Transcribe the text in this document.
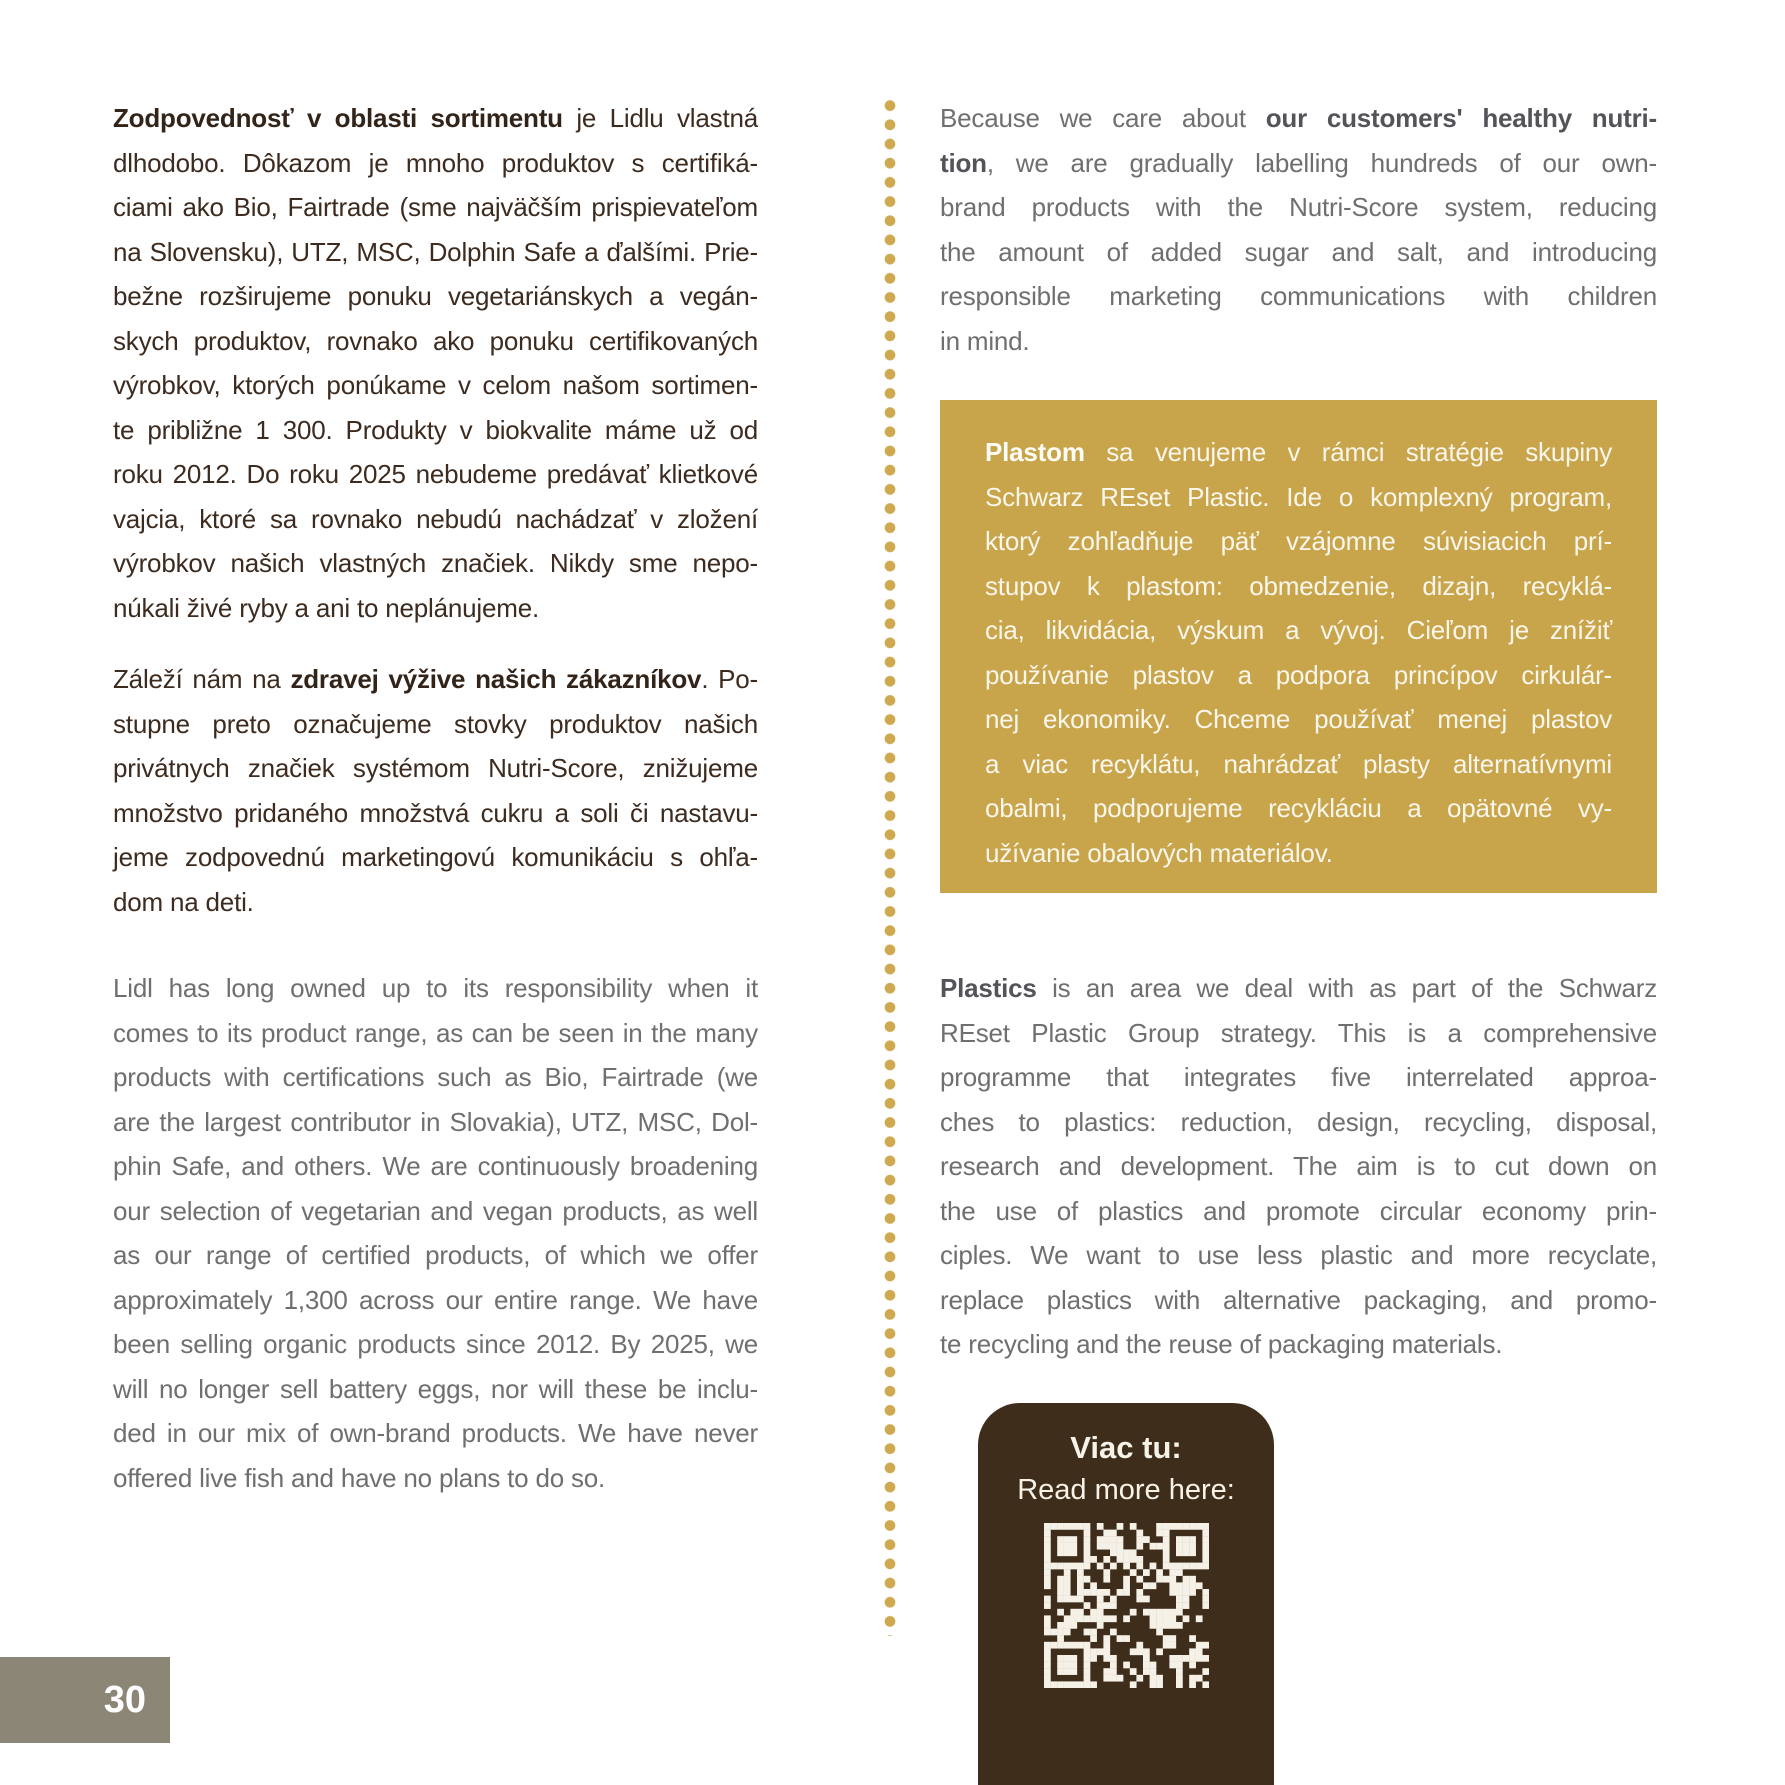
Zodpovednosť v oblasti sortimentu je Lidlu vlastná
dlhodobo. Dôkazom je mnoho produktov s certifiká-
ciami ako Bio, Fairtrade (sme najväčším prispievateľom
na Slovensku), UTZ, MSC, Dolphin Safe a ďalšími. Prie-
bežne rozširujeme ponuku vegetariánskych a vegán-
skych produktov, rovnako ako ponuku certifikovaných
výrobkov, ktorých ponúkame v celom našom sortimen-
te približne 1 300. Produkty v biokvalite máme už od
roku 2012. Do roku 2025 nebudeme predávať klietkové
vajcia, ktoré sa rovnako nebudú nachádzať v zložení
výrobkov našich vlastných značiek. Nikdy sme nepo-
núkali živé ryby a ani to neplánujeme.
Záleží nám na zdravej výžive našich zákazníkov. Po-
stupne preto označujeme stovky produktov našich
privátnych značiek systémom Nutri-Score, znižujeme
množstvo pridaného množstvá cukru a soli či nastavu-
jeme zodpovednú marketingovú komunikáciu s ohľa-
dom na deti.
Lidl has long owned up to its responsibility when it
comes to its product range, as can be seen in the many
products with certifications such as Bio, Fairtrade (we
are the largest contributor in Slovakia), UTZ, MSC, Dol-
phin Safe, and others. We are continuously broadening
our selection of vegetarian and vegan products, as well
as our range of certified products, of which we offer
approximately 1,300 across our entire range. We have
been selling organic products since 2012. By 2025, we
will no longer sell battery eggs, nor will these be inclu-
ded in our mix of own-brand products. We have never
offered live fish and have no plans to do so.
Because we care about our customers' healthy nutri-
tion, we are gradually labelling hundreds of our own-
brand products with the Nutri-Score system, reducing
the amount of added sugar and salt, and introducing
responsible marketing communications with children
in mind.
Plastom sa venujeme v rámci stratégie skupiny
Schwarz REset Plastic. Ide o komplexný program,
ktorý zohľadňuje päť vzájomne súvisiacich prí-
stupov k plastom: obmedzenie, dizajn, recyklá-
cia, likvidácia, výskum a vývoj. Cieľom je znížiť
používanie plastov a podpora princípov cirkulár-
nej ekonomiky. Chceme používať menej plastov
a viac recyklátu, nahrádzať plasty alternatívnymi
obalmi, podporujeme recykláciu a opätovné vy-
užívanie obalových materiálov.
Plastics is an area we deal with as part of the Schwarz
REset Plastic Group strategy. This is a comprehensive
programme that integrates five interrelated approa-
ches to plastics: reduction, design, recycling, disposal,
research and development. The aim is to cut down on
the use of plastics and promote circular economy prin-
ciples. We want to use less plastic and more recyclate,
replace plastics with alternative packaging, and promo-
te recycling and the reuse of packaging materials.
Viac tu:
Read more here:
30
